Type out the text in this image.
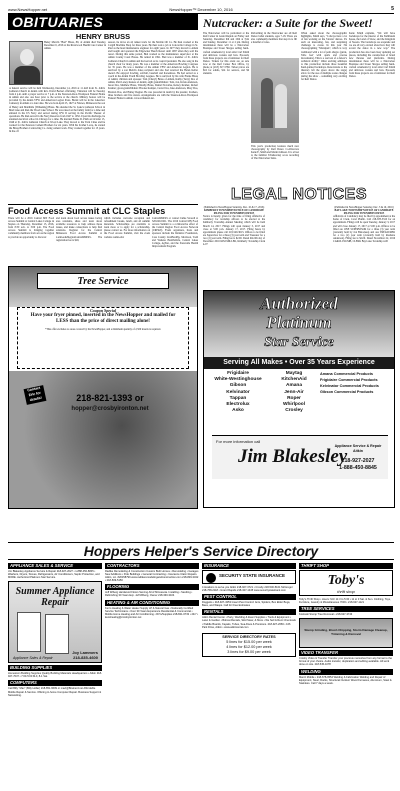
www.NewsHopper.net	NewsHopper™ December 10, 2016	5
OBITUARIES
HENRY BRUSS
Henry Marvin "Bud" Bruss, 89, of Aitkin died Tuesday, December 6, 2016 at the Riverwood Health Care Center in Aitkin.
A funeral service will be held Wednesday, December 14, 2016 at 11 AM from St. John's Lutheran Church in Aitkin with Rev. David Beckel officiating. Visitation will be Tuesday from 4 p.m. until a prayer service at 7 p.m. at the Sisterson-Root-Thompson Funeral Home in Aitkin and also one hour prior to the service at the church. Military honors will be provided by the Aitkin VFW and American Legion Posts. Burial will be in the Lakeview Cemetery in Aitkin at a later date. He was born April 25, 1927 at Nisswa, Minnesota the son of Henry and Matthilda (Wilkening) Bruss. He attended the St. Luke's Lutheran School in Mud Lake and then the Wood Lake School. He was raised on the family farm for a time and enlisted in the US Navy and served during WW II serving in the Pacific Theater of operations. He then served in the Navy Reserves from 1947 to 1952. Upon his discharge, he attended electrical school in Chicago for a time. He married Elaine D. Plath on October 15, 1949 at St. John's Lutheran Church at Wood Lake. They moved to the Twin Cities and he worked for the Peterson Cement Brothers for six years. With his brother Lowe, he started the Bruss Brothers Contracting Co. doing cement work. They worked together for 13 years. In the off
season, he drove an oil tanker truck for the Mobile Oil Co. He then worked at the Cargill Machine Shop for three years. He then took a job at Concordia College in St. Paul as the head maintenance engineer for eight years. In 1977 they moved to Aitkin and bought and operated the Edgewater Beach Resort until 1997 when they sold the resort. During this same period, Bud worked as the maintenance supervisor at the Aitkin County Court House. He retired in 1991. Bud was a member of St. John's Lutheran Church in Aitkin and had served as its council president. He also sang in the church choir for many years. He was a member of the American Bowling Congress for 35 years. He was a member of the Aitkin VFW and American Legion. He is survived by a son Melvin Jones recipient and also had received the Helen Keller Award. He enjoyed bowling, softball, baseball and horseshoes. He had served as a coach in the Aitkin Youth Bowling Leagues. He is survived by his wife Elaine Bruss of Aitkin; children and spouses: Tom (Cheryl) Bruss of Aitkin, Kathy (Terry) Dos of Aitkin, Patti Laney Kunere of Aitkin; eight grandchildren: Toni, Jon, Krista Anderson, Jason Dos, Matthew Bruss, Timothy Bruss, Daniel Nowicke, Kelsey Kramer, Robert Kramer; great-grandchildren: Brooke Kamper, Carter Dos, Jake Anderson, Mary Dos, Braxton Dos, and Hailey Degner. He was preceded in death by his parents; brothers, three brothers and five sisters. Arrangements are with the Sisterson-Root-Thompson Funeral Home in Aitkin. www.srtfuneral.net.
Nutcracker: a Suite for the Sweet!
The Nutcracker will be performed at the Reif Center in Grand Rapids on Friday and Saturday, December 9th and 10th at 7pm and Sunday, December 11 at 2 pm. During intermission there will be a Nutcracker Boutique and Sweet Shoppe selling hand-crafted ornaments by local artist Carl Smith and delicious cookies and bars. Proceeds from these projects are a fundraiser for Reif Dance. Tickets for this event are on sale now at the Reif Center Box Office, by phone at (218) 327-5780. Ticket prices are $16 for adults, $14 for seniors, and $9 students.
Performing in the Nutcracker are all Reif Dance ballet students, ages 7-18. There are also community members that step in to fill a handful of roles.
This year's production features much new choreography by Reif Dance Co-Directors Katie E. Smith and Marin Johnson. It is all set to the familiar Tchaikovsky score recording of The Nutcracker Suite.
When asked about the choreographic highlights, Smith says, "I always have a lot of fun working on the 'bizarre' dances. It's such an interesting, fun, and surprising challenge to create. In this year I'm choreographing "Marzipan", which is very traditional with a lot of petit allegro (quick, 'little feet' with quick and precise movements). This is a real test of a dancer's technical ability." Other exciting additions to this production include three beautiful hand-painted backdrops. Renovations to the theatre's loft the space above the stage) allow for the use of multiple scene changes during the show – something very exciting for Reif Dance.
Katie Smith explains, "We will have backdrops for the interior of the Stahlbaum house, the Land of Snow, and the Kingdom of Sweets. The backdrops are exquisite and we are all very excited about how they will accent the dance in a new way." The production has also been busy updating set pieces, including the construction of brand new thrones and platforms. During intermission there will be a Nutcracker Boutique and Sweet Shoppe selling hand-crafted ornaments by local artist Carl Smith and delicious cookies and bars. Proceeds from these projects are a fundraiser for Reif Dance.
LEGAL NOTICES
(Published in NewsHopper Saturday, Dec. 10 & 17, 2016)
KIMBERLY TOWNSHIP NOTICE OF CANDIDATE FILING FOR TOWNSHIP OFFICE
Notice is hereby given for the time of filing affidavits of candidacy for township officers to be elected at the Kimberly Township Annual Meeting which will be held March 14, 2017. Filings will open January 3, 2017 and close at 5:00 p.m. January 17, 2017. Filing hours by appointment please call 218-549-3613. Offices to be filled are Supervisor for a three (3) year term and Treasurer for a two (2) year term. Filing fee is $2.00. Dated this 6th day of December 2016 KIM MILLER, Kimberly Township Clerk 4-07
(Published in NewsHopper Saturday, Dec. 3 & 10, 2016)
BAY LAKE TOWNSHIP NOTICE OF CANDIDATE FILING FOR TOWNSHIP OFFICE
Affidavits of Candidacy may be filed by appointment at the home of Clerk, Carol Plumb. Call 218-678-3310 for an appointment. Filings will be open Tuesday, January 3, 2017 and will close January 17, 2017 at 5:00 p.m. Offices to be filled are ONE SUPERVISOR for a three (3) year term (currently held by Jon Bistodeau) and one TREASURER for a two (2) year term (currently held by Raeilene Anderson). Filing fee is $2.00. Dated November 22, 2016 CAROL PLUMB, CLERK Bay Lake Township 4-00
Food Access Summit at CLC Staples
There will be a 2016 Central MN Food Access Summit at Central Lakes College in Staples on Thursday, December 15, 2016, from 8:30 a.m. to 3:00 p.m. The Food Access Summit is bringing together community members from across the region to provide an opportunity to discover
and learn about food access issues facing area residents, share and learn about available resources to help address these issues, and make connections to help find solutions. Register for the Central Minnesota Food Access Summit at z.umn.edu/RegionCentralMnFAS. The registration fee is $20,
which includes welcome reception and refreshment breaks, lunch, and all summit materials. Scholarships are available to learn more or to apply for a scholarship, please contact us. For more information on the Food Access Summit, visit the event website z.umn.edu/
CentralMnFAS or contact Jamie Stowell at 320.629.0161. The 2016 Central MN Food Access Summit is a collaborative effort of the Central Region Food Access Network (CRFAN). Event organizers, hosts and sponsors include the Initiative Foundation, Cass County LiveHealthy, Morrison, Todd and Wadena Health4Life, Central Lakes College, AgStar, and the Statewide Health Improvement Program.
Tree Service
Coupon Special
Have your fryer pinned, inserted in the NewsHopper and mailed for LESS than the price of direct mailing alone!
*This offer excludes to areas covered by the NewsHopper, and a minimum quantity of 2,500 inserts is required.
Contact Eric for details!	218-821-1393 or
hopper@crosbyironton.net
Authorized
Platinum
Star Service
Serving All Makes • Over 35 Years Experience
Frigidaire
White-Westinghouse
Gibson
Kelvinator
Tappan
Electrolux
Asko
Maytag
KitchenAid
Amana
Jenn-Air
Roper
Whirlpool
Crosley
Amana Commercial Products
Frigidaire Commercial Products
Kelvinator Commercial Products
Gibson Commercial Products
For more information call
Jim Blakesley
Appliance Service & Repair Aitkin
218-927-2027
1-888-450-8845
Hoppers Helper's Service Directory
APPLIANCE SALES & SERVICE
Jim Blakesley Appliance Service & Repair 218-927-2027 • 1-888-450-8845 • Washers, Dryers, Stoves, Refrigerators, Air Conditioners, Septic Protection, and MORE. Authorized Platinum Star Service.
Summer Appliance Repair
Appliance Sales & Repair
Joy Lammers
218-835-4600
BUILDING SUPPLIES
Hometown Building Supplies Quality Building Materials Headquarters • Aitkin 218-927-7037 • 7:00-5:00 M-F, 8-1 Sat.
COMPUTERS
Call Billy "Mac" (Billy Hollar) 218-851-6609 or macl@Brainerd.net Affordable Mobile Repair & Service. Offering in-home Computer Repair. Business Support & Networking.
CONTRACTORS
Radtke Remodeling & Construction Custom Built Homes • Remodeling • Garages New Additions • Pole Buildings • General Contracting • Insurance Claim Repairs. Aitkin, Lic. #20158799 www.radtkeremodelingandconstruction.com 218-829-3432 • 218-839-5150
FLOORING
Jeff Wiberg Hardwood Floors Serving All of Minnesota. Installing • Sanding • Refinishing 30 Years Exp. Jeff Wiberg, Owner 218-330-3104
HEATING & AIR CONDITIONING
Ken's Heating & Water Heater Supply LP & Natural Gas • Nationally Certified Service Technicians • Over 30 Years Experience Residential & Commercial • Mobile Home Heating and Air Conditioning • RV's/Supplies 218-821-6733 • 24/7 • kenshealing@crosbyironton.net
INSURANCE
SECURITY STATE INSURANCE
4 locations to serve you Aitkin 218-927-3721 • Crosby 218-546-5101 McGregor 218-768-2118 • Grand Rapids 218-327-1445 www.securitystatebank.com
PEST CONTROL
Doggetts • 218-927-4353 Insect Pest Control: Ants, Spiders, Box Elder Bugs, Bees, and Wasps. Call for Free Estimates
RENTALS
Aitkin Rental Center • Party, Wedding & Event Supplies • Tools & Equipment • Lawn & Garden • Bobcat Rentals, Skid Steer, & More • We Sell & Rent Chemicals • Paddle Boards, Kayaks, Tubes, Sea-Doos & Pontoons. 218-927-2666 • 106 Park Drive, Aitkin • www.aitkinrental.com
SERVICE DIRECTORY RATES
5 lines for $15.00 per week
4 lines for $12.00 per week
3 lines for $9.00 per week
THRIFT SHOP
Toby's
thrift shop
Toby's Thrift Shop • Hours: M-F 11:3 to 5:30 • 11 to 3 Sat. & Sun. Clothing, Toys, Furniture, Jewelry & Miscellaneous 7003 • 218-927-1121
TREE SERVICES
Kosloski Stump Tree Removal • 218-927-3743
Stump Grinding, Brush Chipping, Storm Damage Cleanup, Trimming & Removal
VIDEO TRANSFER
Crosby Video & Transfer Transfer your precious memories from any format to the format of your choice. Audio transfer, duplication and editing available. All work done on site. 218-545-1078
WELDING
Mantz Mobile • 218-678-9554 Welding & Fabrication Welding and Repair of Equipment, Steel, Docks, Structural Outdoor Wood Furnaces, Aluminum, Steel & Stainless. Call 7 days a week.
